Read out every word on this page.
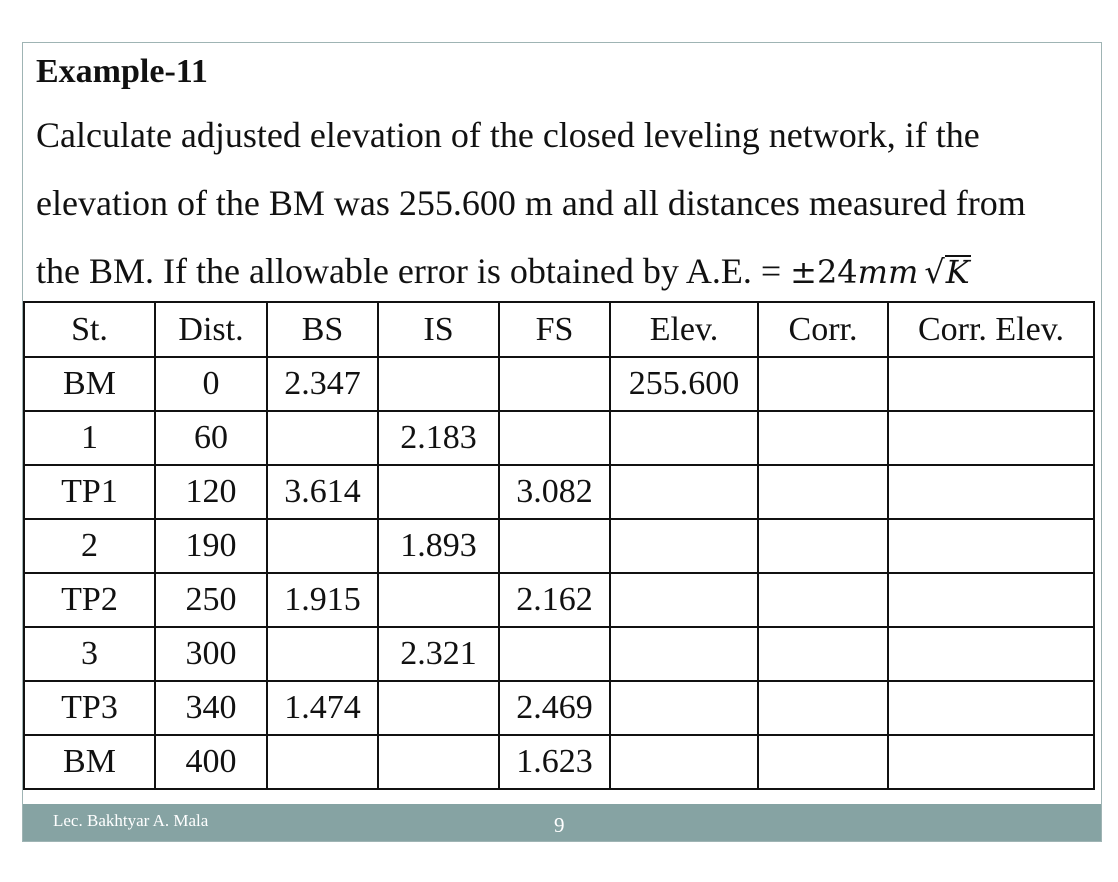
Example-11
Calculate adjusted elevation of the closed leveling network, if the
elevation of the BM was 255.600 m and all distances measured from
the BM. If the allowable error is obtained by A.E. = ±24mm √K
St.	Dist.	BS	IS	FS	Elev.	Corr.	Corr. Elev.
BM	0	2.347			255.600		
1	60		2.183				
TP1	120	3.614		3.082			
2	190		1.893				
TP2	250	1.915		2.162			
3	300		2.321				
TP3	340	1.474		2.469			
BM	400			1.623			
Lec. Bakhtyar A. Mala	9
